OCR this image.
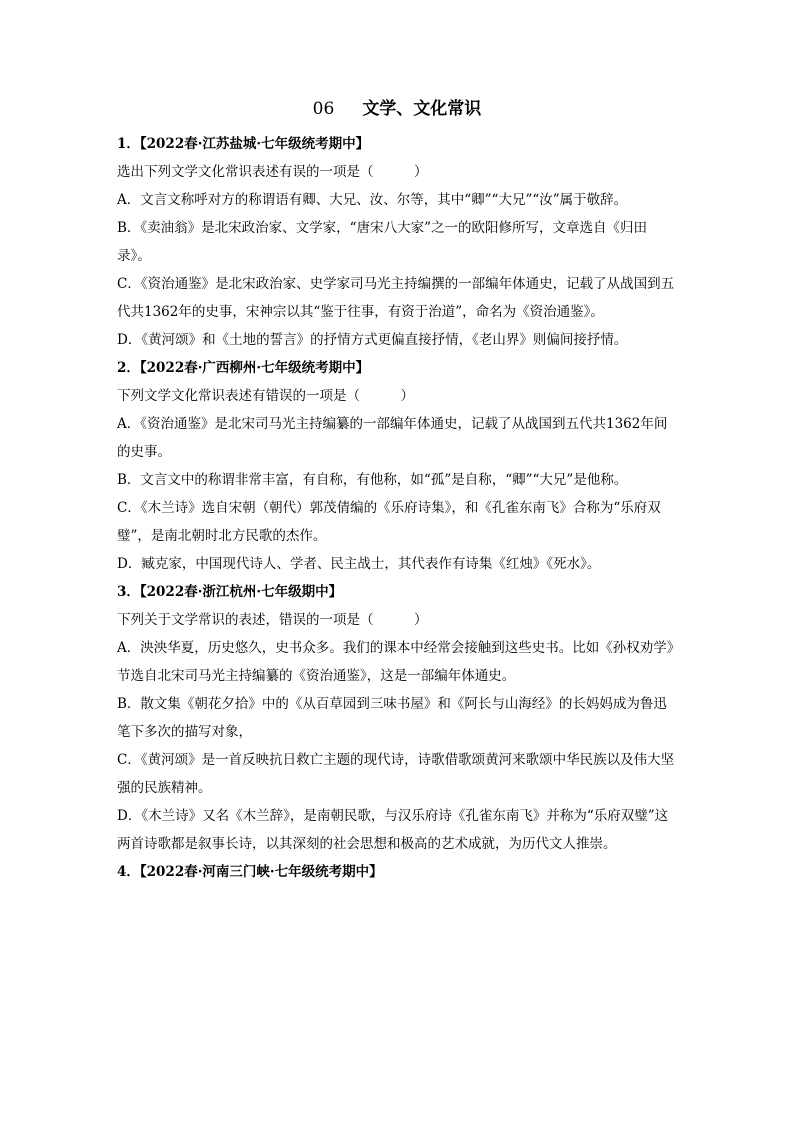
06 文学、文化常识
1．【2022春·江苏盐城·七年级统考期中】
选出下列文学文化常识表述有误的一项是（　　　）
A．文言文称呼对方的称谓语有卿、大兄、汝、尔等，其中“卿”“大兄”“汝”属于敬辞。
B．《卖油翁》是北宋政治家、文学家，“唐宋八大家”之一的欧阳修所写，文章选自《归田录》。
C．《资治通鉴》是北宋政治家、史学家司马光主持编撰的一部编年体通史，记载了从战国到五代共1362年的史事，宋神宗以其“鉴于往事，有资于治道”，命名为《资治通鉴》。
D．《黄河颂》和《土地的誓言》的抒情方式更偏直接抒情，《老山界》则偏间接抒情。
2．【2022春·广西柳州·七年级统考期中】
下列文学文化常识表述有错误的一项是（　　　）
A．《资治通鉴》是北宋司马光主持编纂的一部编年体通史，记载了从战国到五代共1362年间的史事。
B．文言文中的称谓非常丰富，有自称，有他称，如“孤”是自称，“卿”“大兄”是他称。
C．《木兰诗》选自宋朝（朝代）郭茂倩编的《乐府诗集》，和《孔雀东南飞》合称为“乐府双璧”，是南北朝时北方民歌的杰作。
D．臧克家，中国现代诗人、学者、民主战士，其代表作有诗集《红烛》《死水》。
3．【2022春·浙江杭州·七年级期中】
下列关于文学常识的表述，错误的一项是（　　　）
A．泱泱华夏，历史悠久，史书众多。我们的课本中经常会接触到这些史书。比如《孙权劝学》节选自北宋司马光主持编纂的《资治通鉴》，这是一部编年体通史。
B．散文集《朝花夕拾》中的《从百草园到三味书屋》和《阿长与山海经》的长妈妈成为鲁迅笔下多次的描写对象，
C．《黄河颂》是一首反映抗日救亡主题的现代诗，诗歌借歌颂黄河来歌颂中华民族以及伟大坚强的民族精神。
D．《木兰诗》又名《木兰辞》，是南朝民歌，与汉乐府诗《孔雀东南飞》并称为“乐府双璧”这两首诗歌都是叙事长诗，以其深刻的社会思想和极高的艺术成就，为历代文人推崇。
4．【2022春·河南三门峡·七年级统考期中】
